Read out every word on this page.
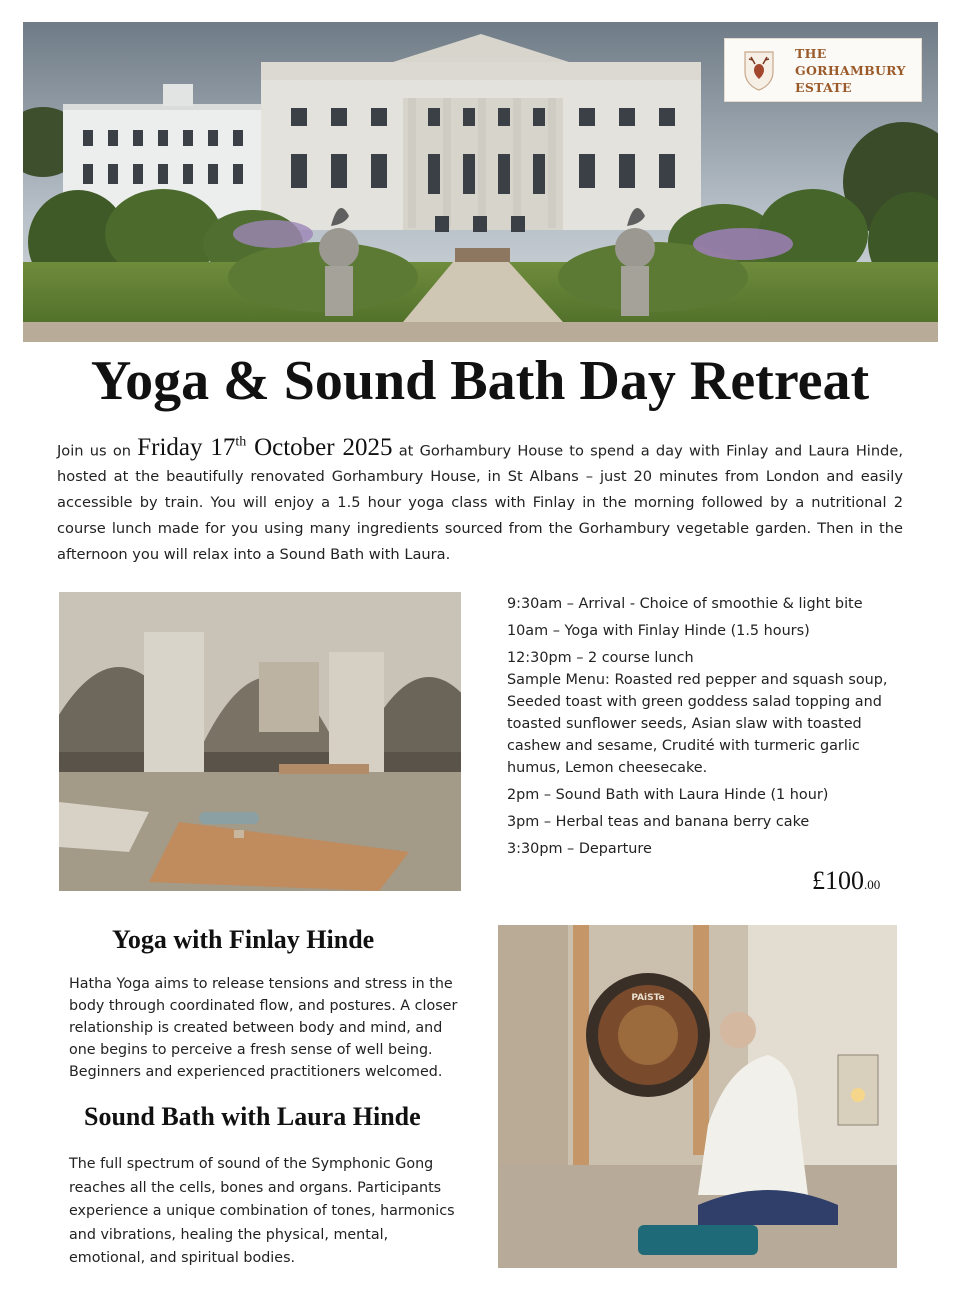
THE
GORHAMBURY
ESTATE
Yoga & Sound Bath Day Retreat

Join us on Friday 17th October 2025 at Gorhambury House to spend a day with Finlay and Laura Hinde, hosted at the beautifully renovated Gorhambury House, in St Albans – just 20 minutes from London and easily accessible by train. You will enjoy a 1.5 hour yoga class with Finlay in the morning followed by a nutritional 2 course lunch made for you using many ingredients sourced from the Gorhambury vegetable garden. Then in the afternoon you will relax into a Sound Bath with Laura.

9:30am – Arrival - Choice of smoothie & light bite
10am – Yoga with Finlay Hinde (1.5 hours)
12:30pm – 2 course lunch
Sample Menu: Roasted red pepper and squash soup, Seeded toast with green goddess salad topping and toasted sunflower seeds, Asian slaw with toasted cashew and sesame, Crudité with turmeric garlic humus, Lemon cheesecake.
2pm – Sound Bath with Laura Hinde (1 hour)
3pm – Herbal teas and banana berry cake
3:30pm – Departure
£100.00
Yoga with Finlay Hinde

Hatha Yoga aims to release tensions and stress in the body through coordinated flow, and postures. A closer relationship is created between body and mind, and one begins to perceive a fresh sense of well being. Beginners and experienced practitioners welcomed.

Sound Bath with Laura Hinde

The full spectrum of sound of the Symphonic Gong reaches all the cells, bones and organs. Participants experience a unique combination of tones, harmonics and vibrations, healing the physical, mental, emotional, and spiritual bodies.

PAiSTe
